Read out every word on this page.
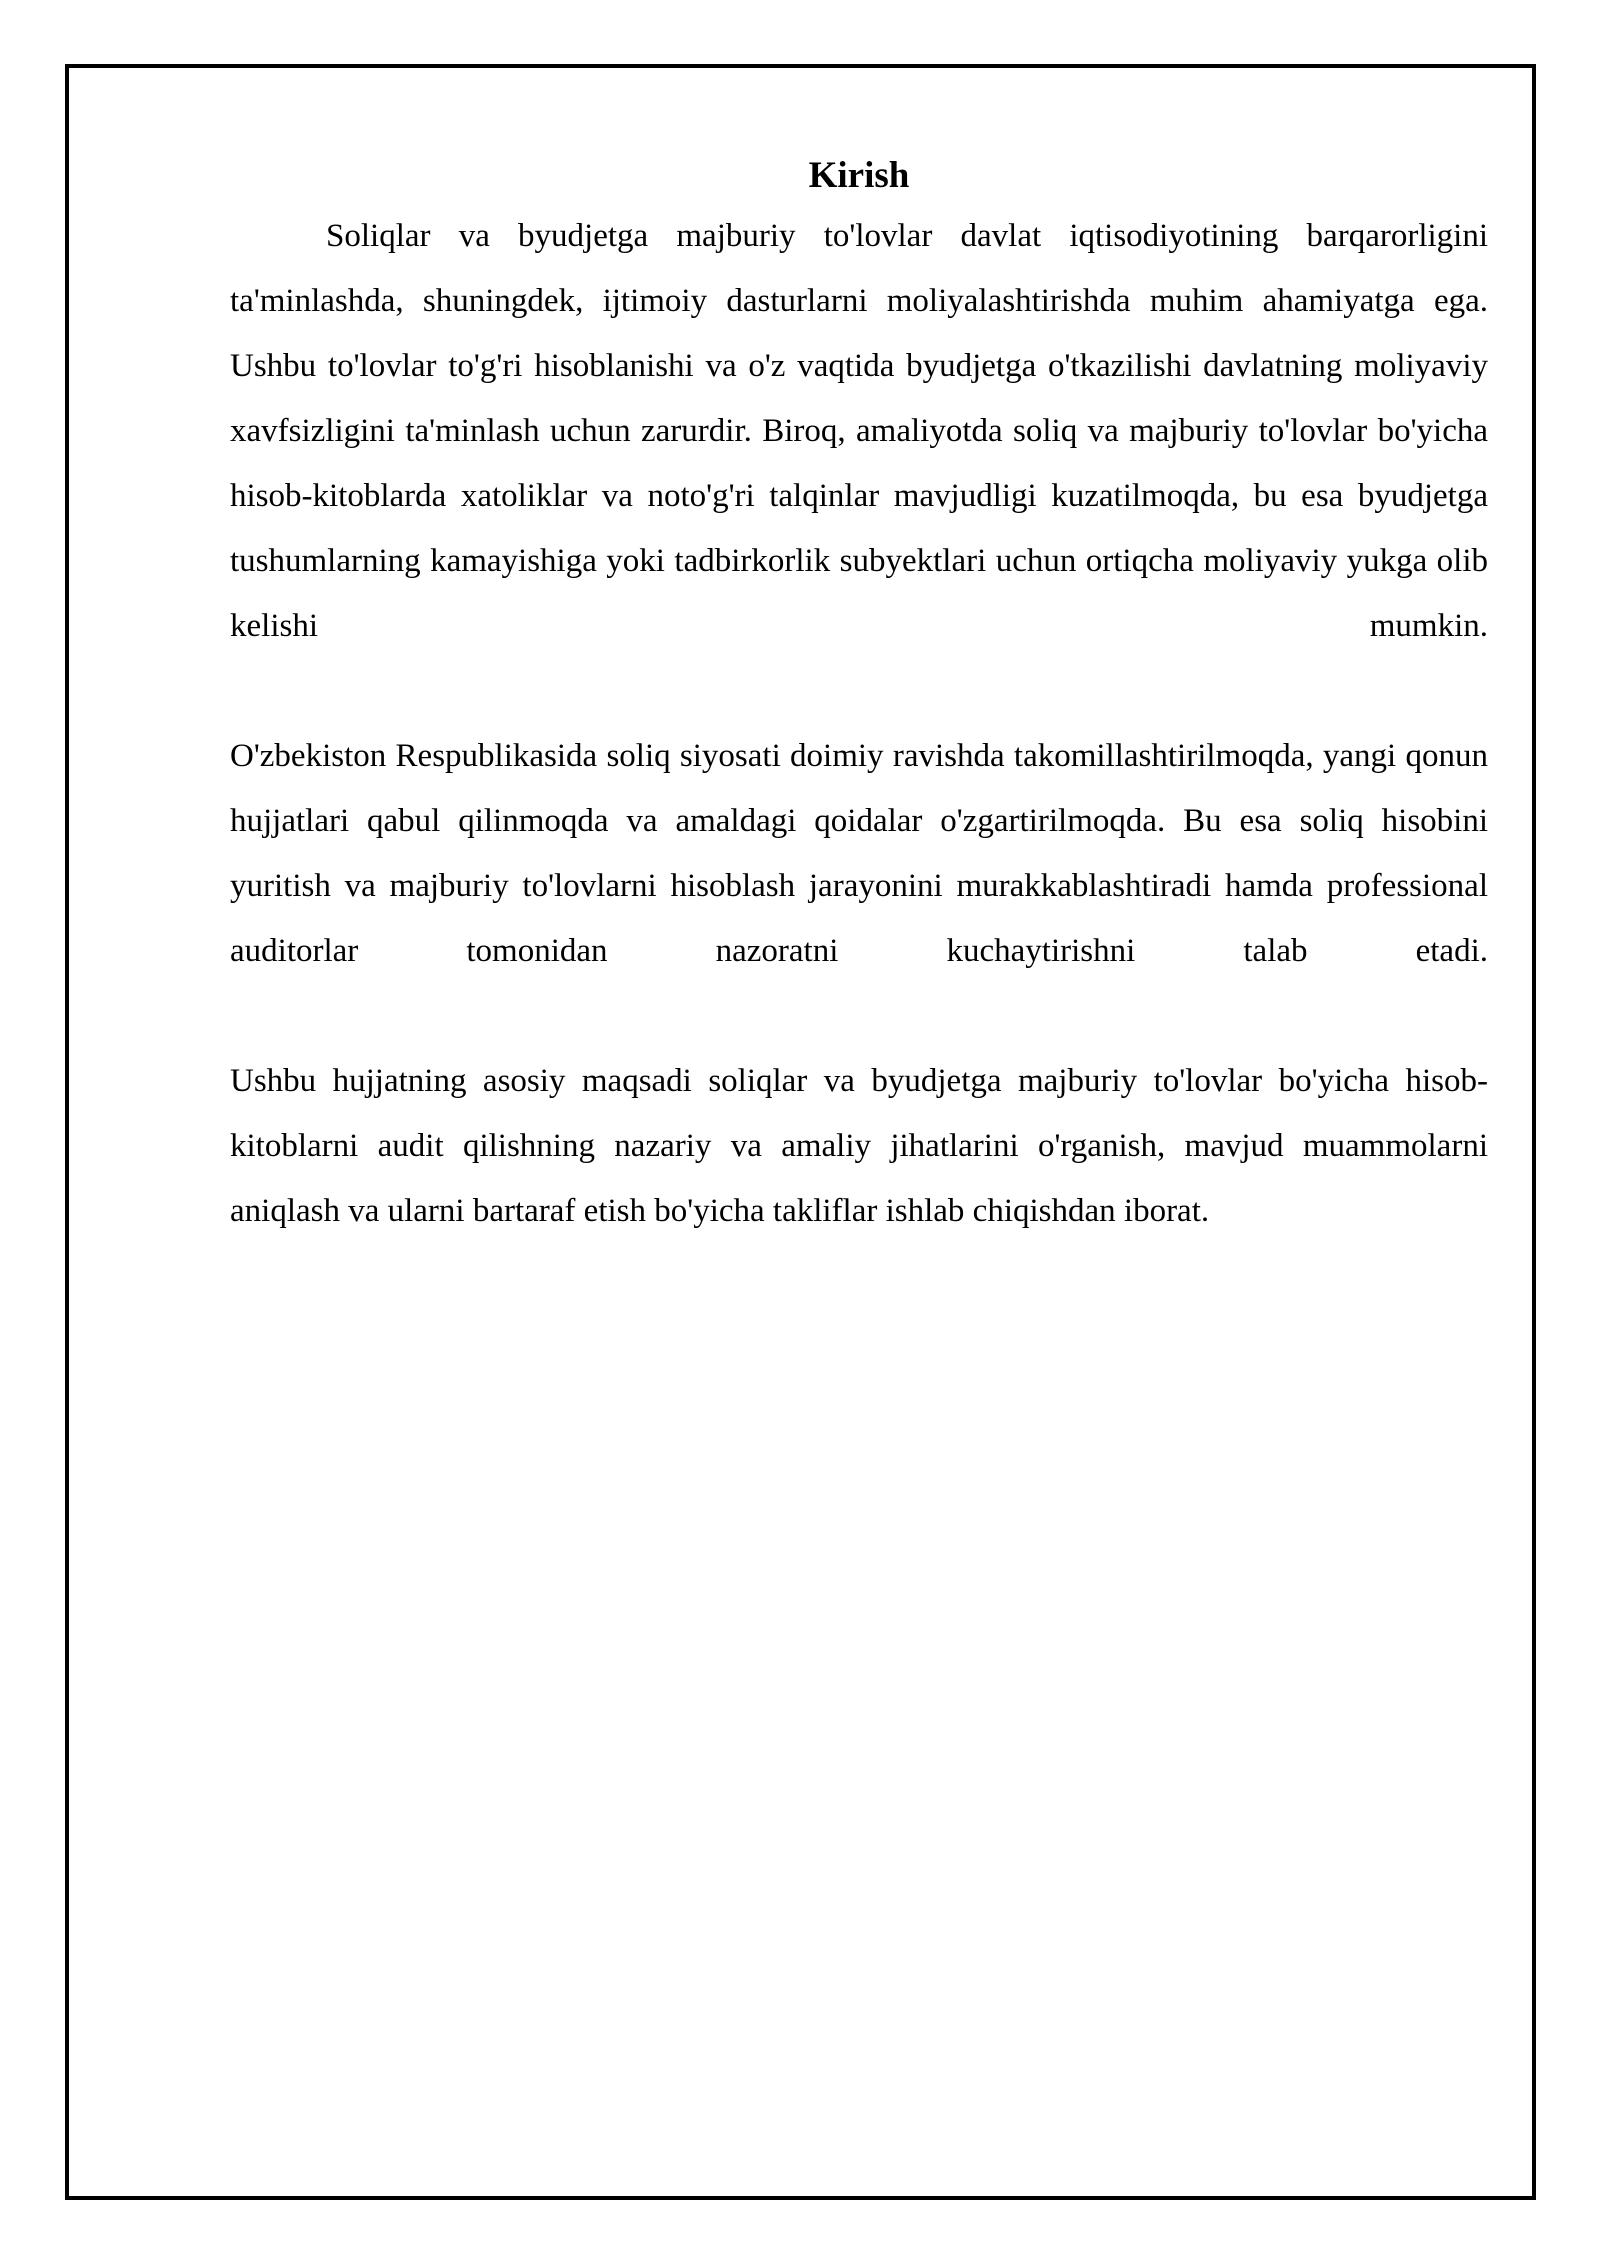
Kirish

Soliqlar va byudjetga majburiy to'lovlar davlat iqtisodiyotining barqarorligini ta'minlashda, shuningdek, ijtimoiy dasturlarni moliyalashtirishda muhim ahamiyatga ega. Ushbu to'lovlar to'g'ri hisoblanishi va o'z vaqtida byudjetga o'tkazilishi davlatning moliyaviy xavfsizligini ta'minlash uchun zarurdir. Biroq, amaliyotda soliq va majburiy to'lovlar bo'yicha hisob-kitoblarda xatoliklar va noto'g'ri talqinlar mavjudligi kuzatilmoqda, bu esa byudjetga tushumlarning kamayishiga yoki tadbirkorlik subyektlari uchun ortiqcha moliyaviy yukga olib kelishi mumkin.

O'zbekiston Respublikasida soliq siyosati doimiy ravishda takomillashtirilmoqda, yangi qonun hujjatlari qabul qilinmoqda va amaldagi qoidalar o'zgartirilmoqda. Bu esa soliq hisobini yuritish va majburiy to'lovlarni hisoblash jarayonini murakkablashtiradi hamda professional auditorlar tomonidan nazoratni kuchaytirishni talab etadi.

Ushbu hujjatning asosiy maqsadi soliqlar va byudjetga majburiy to'lovlar bo'yicha hisob-kitoblarni audit qilishning nazariy va amaliy jihatlarini o'rganish, mavjud muammolarni aniqlash va ularni bartaraf etish bo'yicha takliflar ishlab chiqishdan iborat.
